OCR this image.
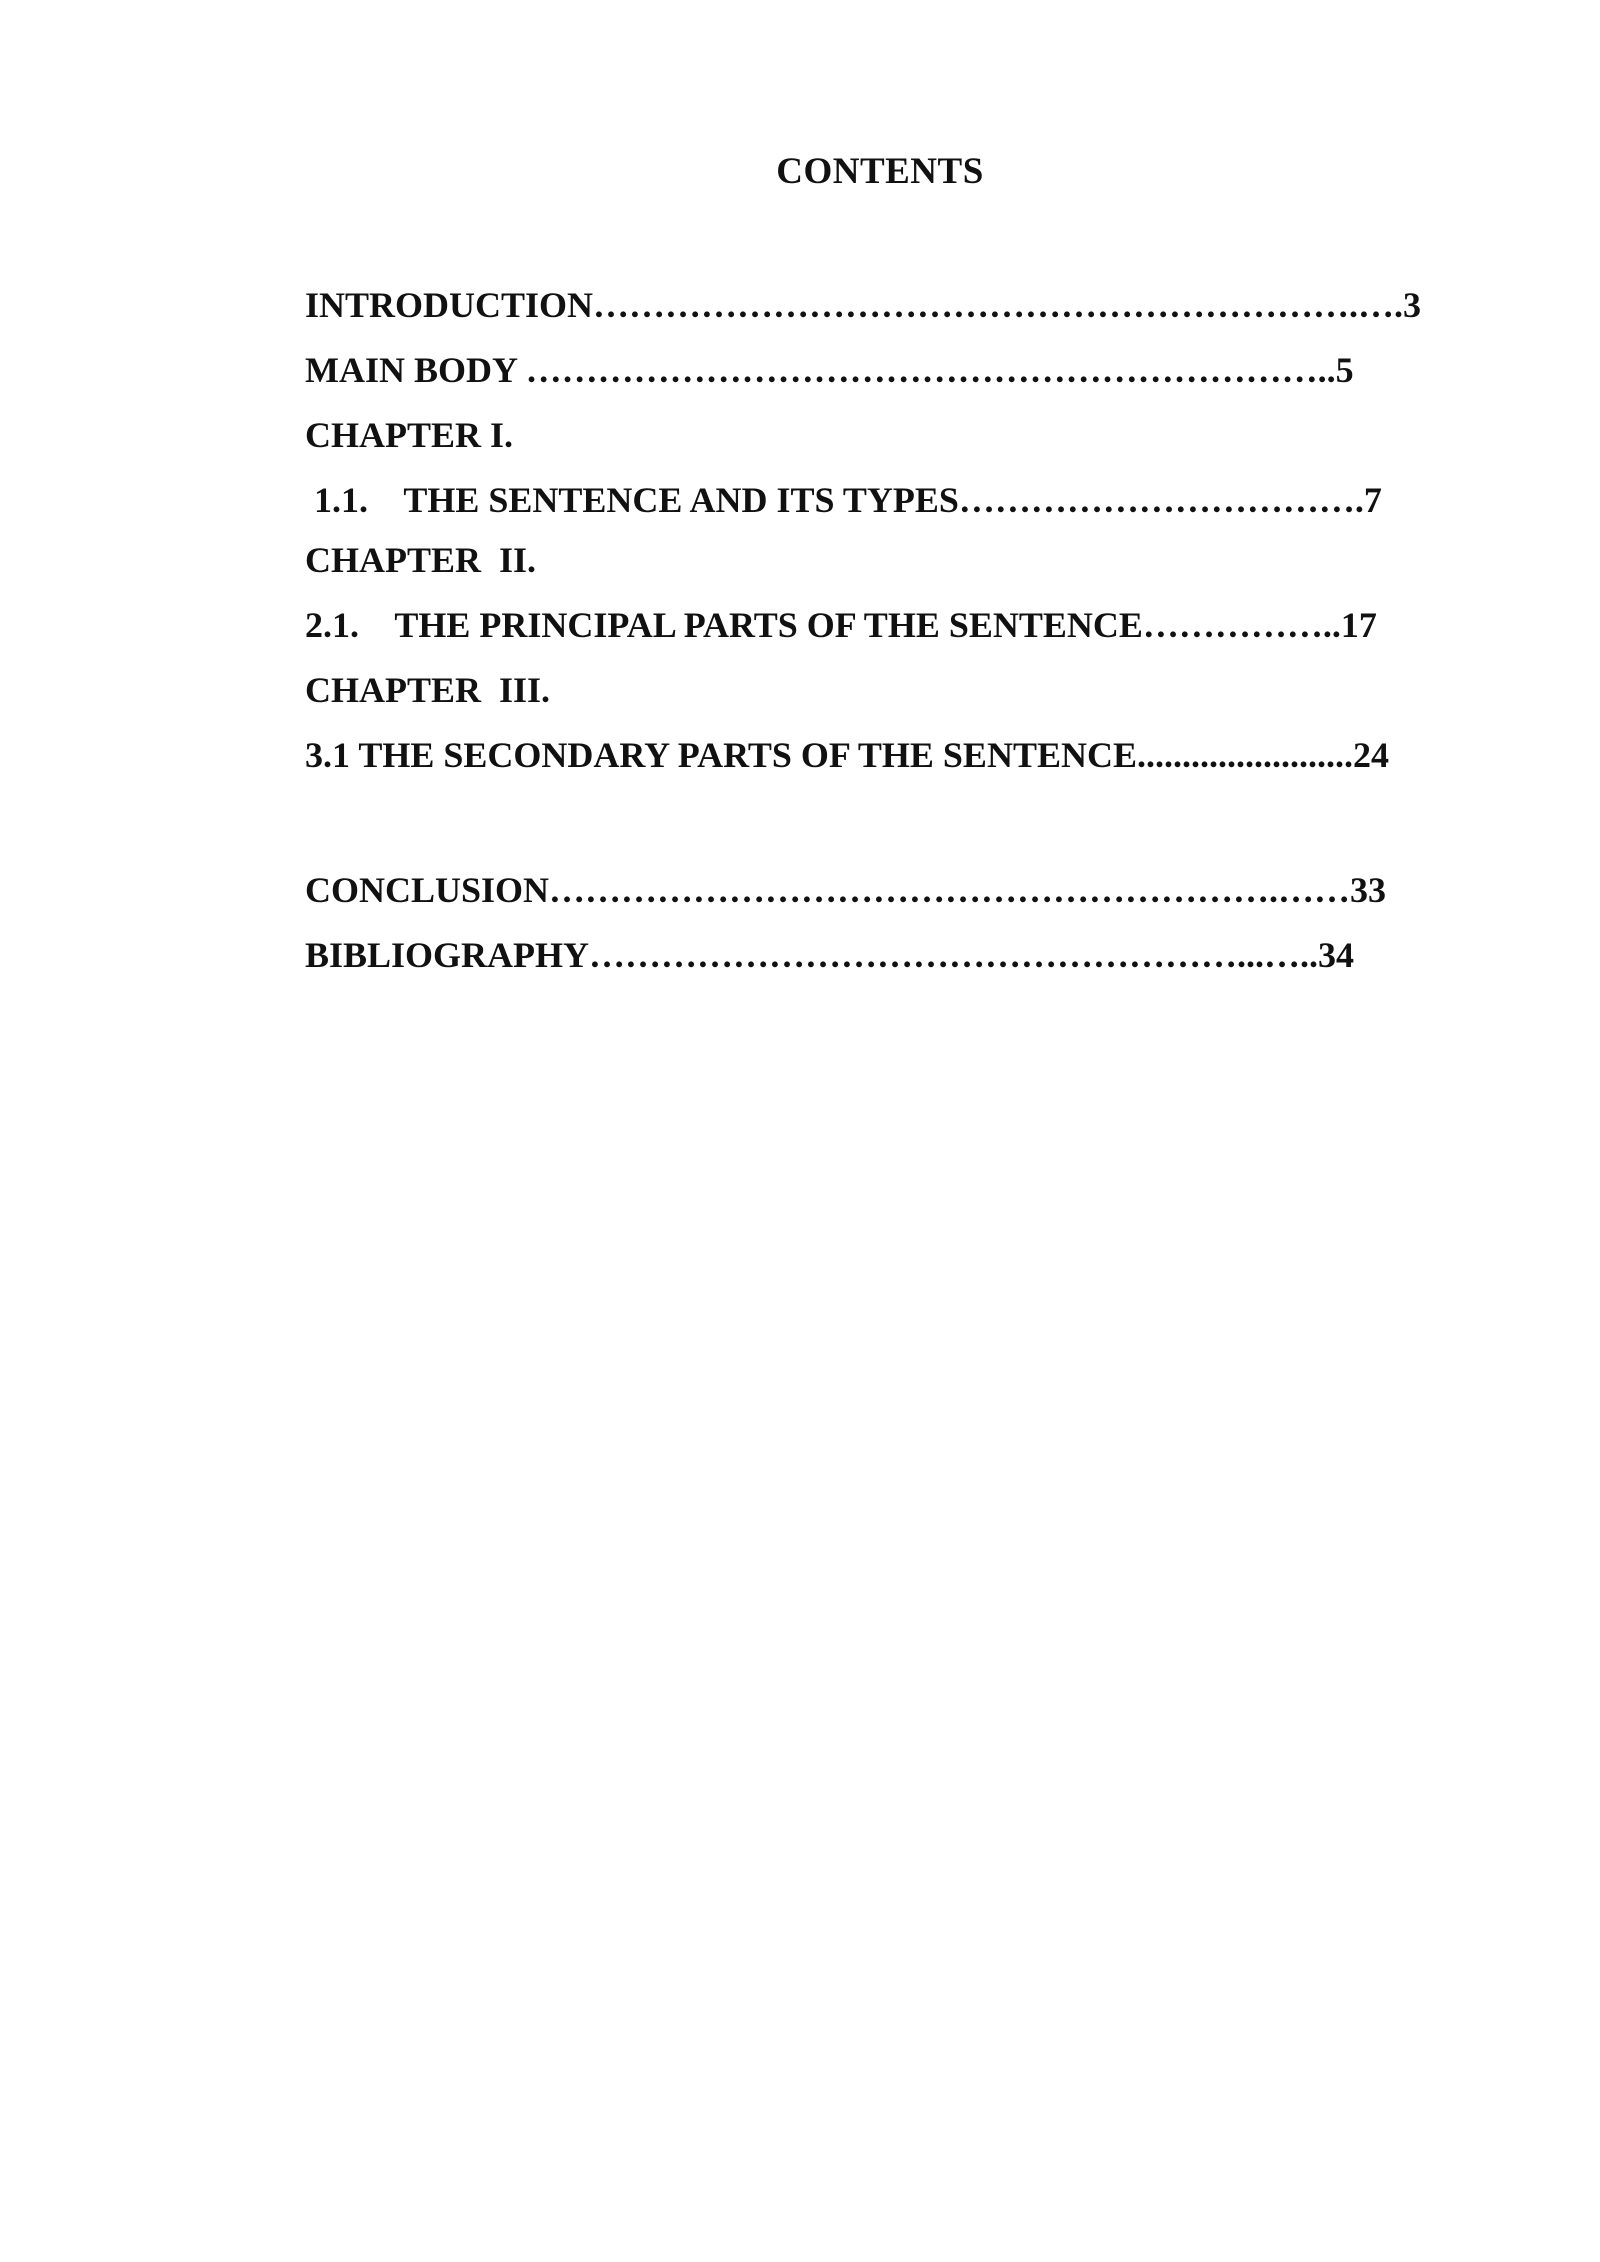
CONTENTS

INTRODUCTION……………………………………………………….….3

MAIN BODY …………………………………………………………..5

CHAPTER I.

1.1.    THE SENTENCE AND ITS TYPES…………………………….7

CHAPTER  II.

2.1.    THE PRINCIPAL PARTS OF THE SENTENCE……………..17

CHAPTER  III.

3.1 THE SECONDARY PARTS OF THE SENTENCE........................24

CONCLUSION…………………………………………………….……33

BIBLIOGRAPHY………………………………………………...…..34
